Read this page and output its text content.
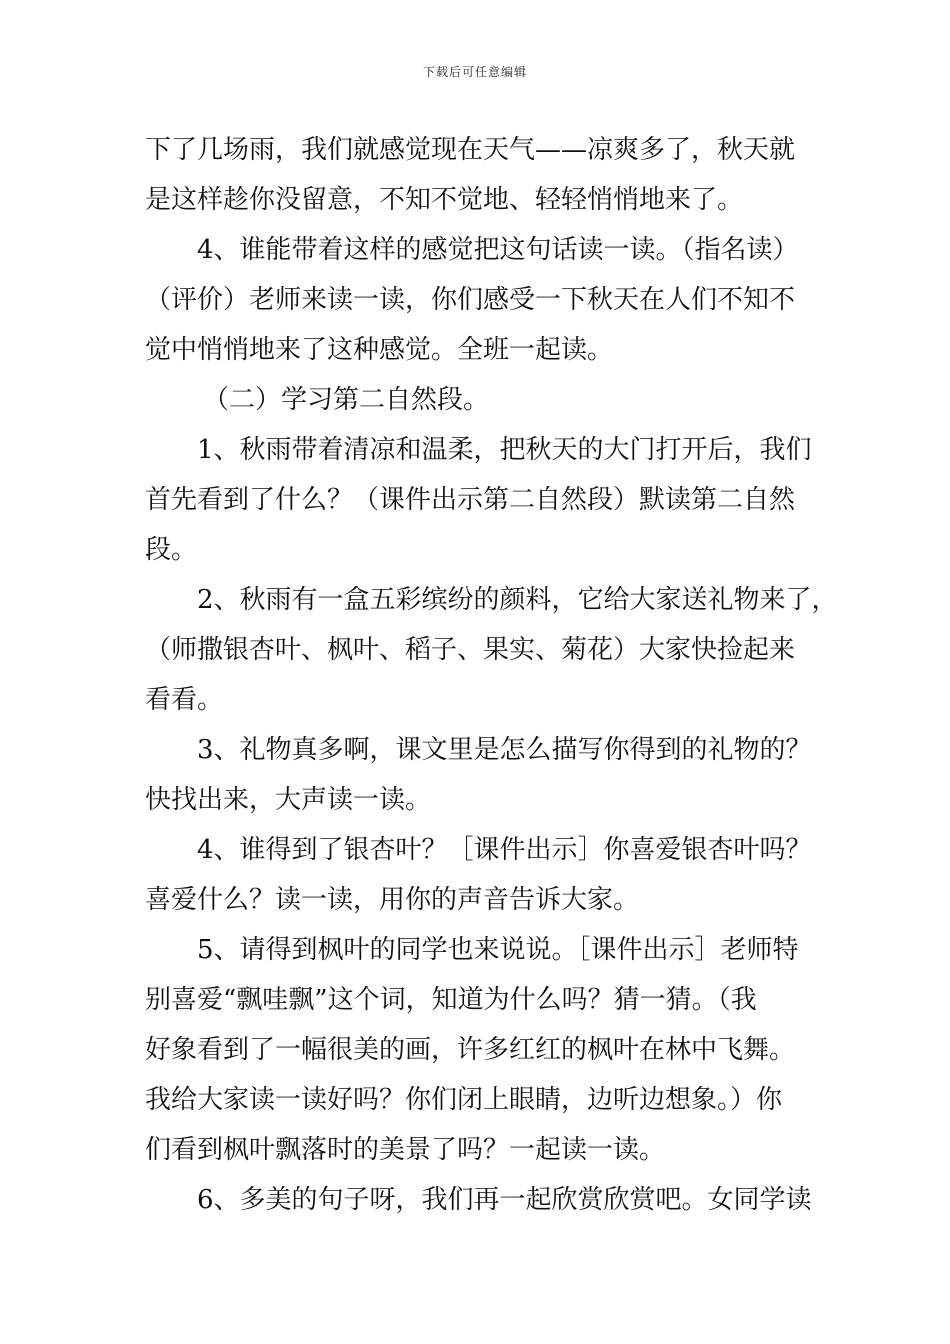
下载后可任意编辑
下了几场雨，我们就感觉现在天气——凉爽多了，秋天就
是这样趁你没留意，不知不觉地、轻轻悄悄地来了。
4、谁能带着这样的感觉把这句话读一读。（指名读）
（评价）老师来读一读，你们感受一下秋天在人们不知不
觉中悄悄地来了这种感觉。全班一起读。
（二）学习第二自然段。
1、秋雨带着清凉和温柔，把秋天的大门打开后，我们
首先看到了什么？（课件出示第二自然段）默读第二自然
段。
2、秋雨有一盒五彩缤纷的颜料，它给大家送礼物来了，
（师撒银杏叶、枫叶、稻子、果实、菊花）大家快捡起来
看看。
3、礼物真多啊，课文里是怎么描写你得到的礼物的？
快找出来，大声读一读。
4、谁得到了银杏叶？［课件出示］你喜爱银杏叶吗？
喜爱什么？读一读，用你的声音告诉大家。
5、请得到枫叶的同学也来说说。［课件出示］老师特
别喜爱“飘哇飘”这个词，知道为什么吗？猜一猜。（我
好象看到了一幅很美的画，许多红红的枫叶在林中飞舞。
我给大家读一读好吗？你们闭上眼睛，边听边想象。）你
们看到枫叶飘落时的美景了吗？一起读一读。
6、多美的句子呀，我们再一起欣赏欣赏吧。女同学读
